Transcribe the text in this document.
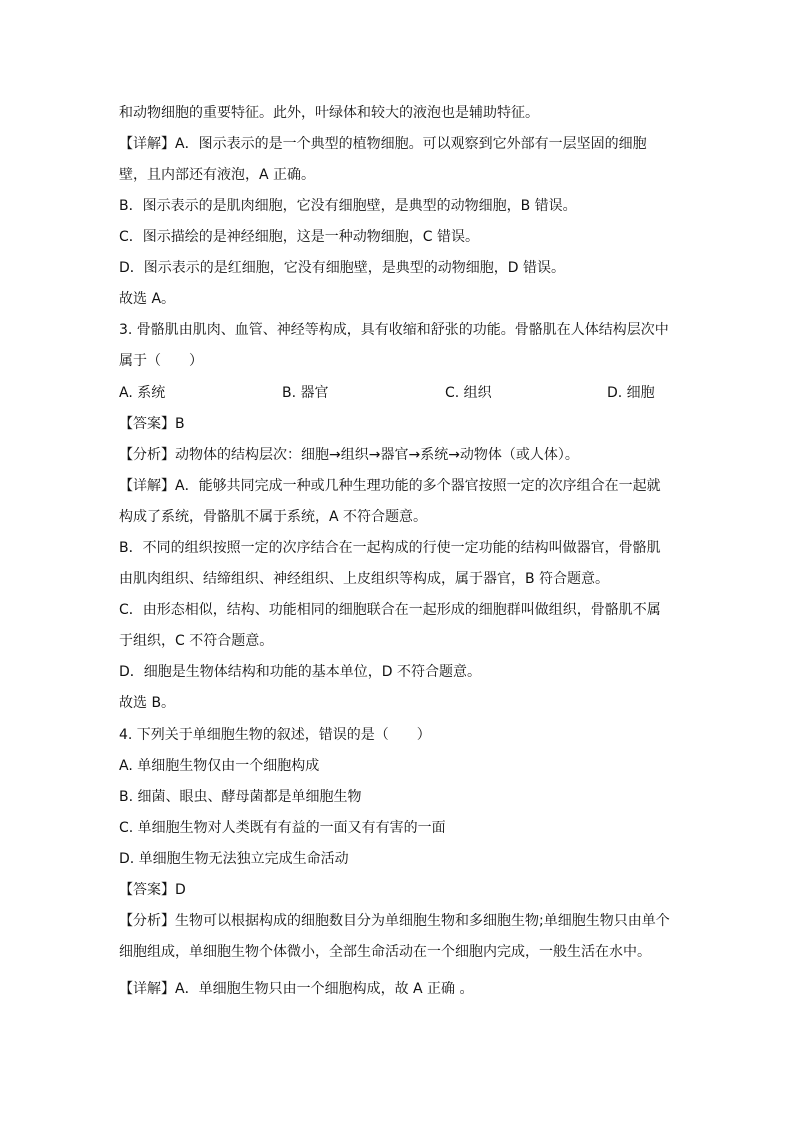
和动物细胞的重要特征。此外，叶绿体和较大的液泡也是辅助特征。
【详解】A．图示表示的是一个典型的植物细胞。可以观察到它外部有一层坚固的细胞
壁，且内部还有液泡，A 正确。
B．图示表示的是肌肉细胞，它没有细胞壁，是典型的动物细胞，B 错误。
C．图示描绘的是神经细胞，这是一种动物细胞，C 错误。
D．图示表示的是红细胞，它没有细胞壁，是典型的动物细胞，D 错误。
故选 A。
3. 骨骼肌由肌肉、血管、神经等构成，具有收缩和舒张的功能。骨骼肌在人体结构层次中
属于（　　）
A. 系统	B. 器官	C. 组织	D. 细胞
【答案】B
【分析】动物体的结构层次：细胞→组织→器官→系统→动物体（或人体）。
【详解】A．能够共同完成一种或几种生理功能的多个器官按照一定的次序组合在一起就
构成了系统，骨骼肌不属于系统，A 不符合题意。
B．不同的组织按照一定的次序结合在一起构成的行使一定功能的结构叫做器官，骨骼肌
由肌肉组织、结缔组织、神经组织、上皮组织等构成，属于器官，B 符合题意。
C．由形态相似，结构、功能相同的细胞联合在一起形成的细胞群叫做组织，骨骼肌不属
于组织，C 不符合题意。
D．细胞是生物体结构和功能的基本单位，D 不符合题意。
故选 B。
4. 下列关于单细胞生物的叙述，错误的是（　　）
A. 单细胞生物仅由一个细胞构成
B. 细菌、眼虫、酵母菌都是单细胞生物
C. 单细胞生物对人类既有有益的一面又有有害的一面
D. 单细胞生物无法独立完成生命活动
【答案】D
【分析】生物可以根据构成的细胞数目分为单细胞生物和多细胞生物;单细胞生物只由单个
细胞组成，单细胞生物个体微小，全部生命活动在一个细胞内完成，一般生活在水中。
【详解】A．单细胞生物只由一个细胞构成，故 A 正确 。
